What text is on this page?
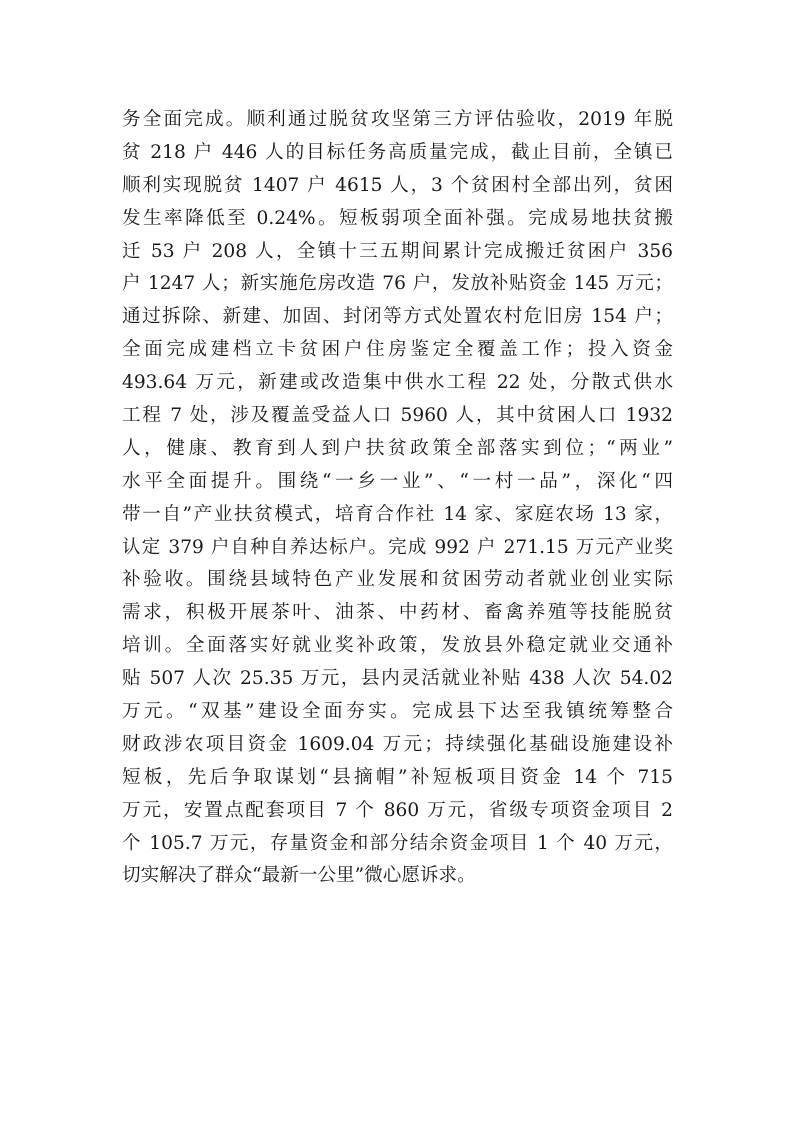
务全面完成。顺利通过脱贫攻坚第三方评估验收，2019 年脱
贫 218 户 446 人的目标任务高质量完成，截止目前，全镇已
顺利实现脱贫 1407 户 4615 人，3 个贫困村全部出列，贫困
发生率降低至 0.24%。短板弱项全面补强。完成易地扶贫搬
迁 53 户 208 人，全镇十三五期间累计完成搬迁贫困户 356
户 1247 人；新实施危房改造 76 户，发放补贴资金 145 万元；
通过拆除、新建、加固、封闭等方式处置农村危旧房 154 户；
全面完成建档立卡贫困户住房鉴定全覆盖工作；投入资金
493.64 万元，新建或改造集中供水工程 22 处，分散式供水
工程 7 处，涉及覆盖受益人口 5960 人，其中贫困人口 1932
人，健康、教育到人到户扶贫政策全部落实到位；“两业”
水平全面提升。围绕“一乡一业”、“一村一品”，深化“四
带一自”产业扶贫模式，培育合作社 14 家、家庭农场 13 家，
认定 379 户自种自养达标户。完成 992 户 271.15 万元产业奖
补验收。围绕县域特色产业发展和贫困劳动者就业创业实际
需求，积极开展茶叶、油茶、中药材、畜禽养殖等技能脱贫
培训。全面落实好就业奖补政策，发放县外稳定就业交通补
贴 507 人次 25.35 万元，县内灵活就业补贴 438 人次 54.02
万元。“双基”建设全面夯实。完成县下达至我镇统筹整合
财政涉农项目资金 1609.04 万元；持续强化基础设施建设补
短板，先后争取谋划“县摘帽”补短板项目资金 14 个 715
万元，安置点配套项目 7 个 860 万元，省级专项资金项目 2
个 105.7 万元，存量资金和部分结余资金项目 1 个 40 万元，
切实解决了群众“最新一公里”微心愿诉求。
